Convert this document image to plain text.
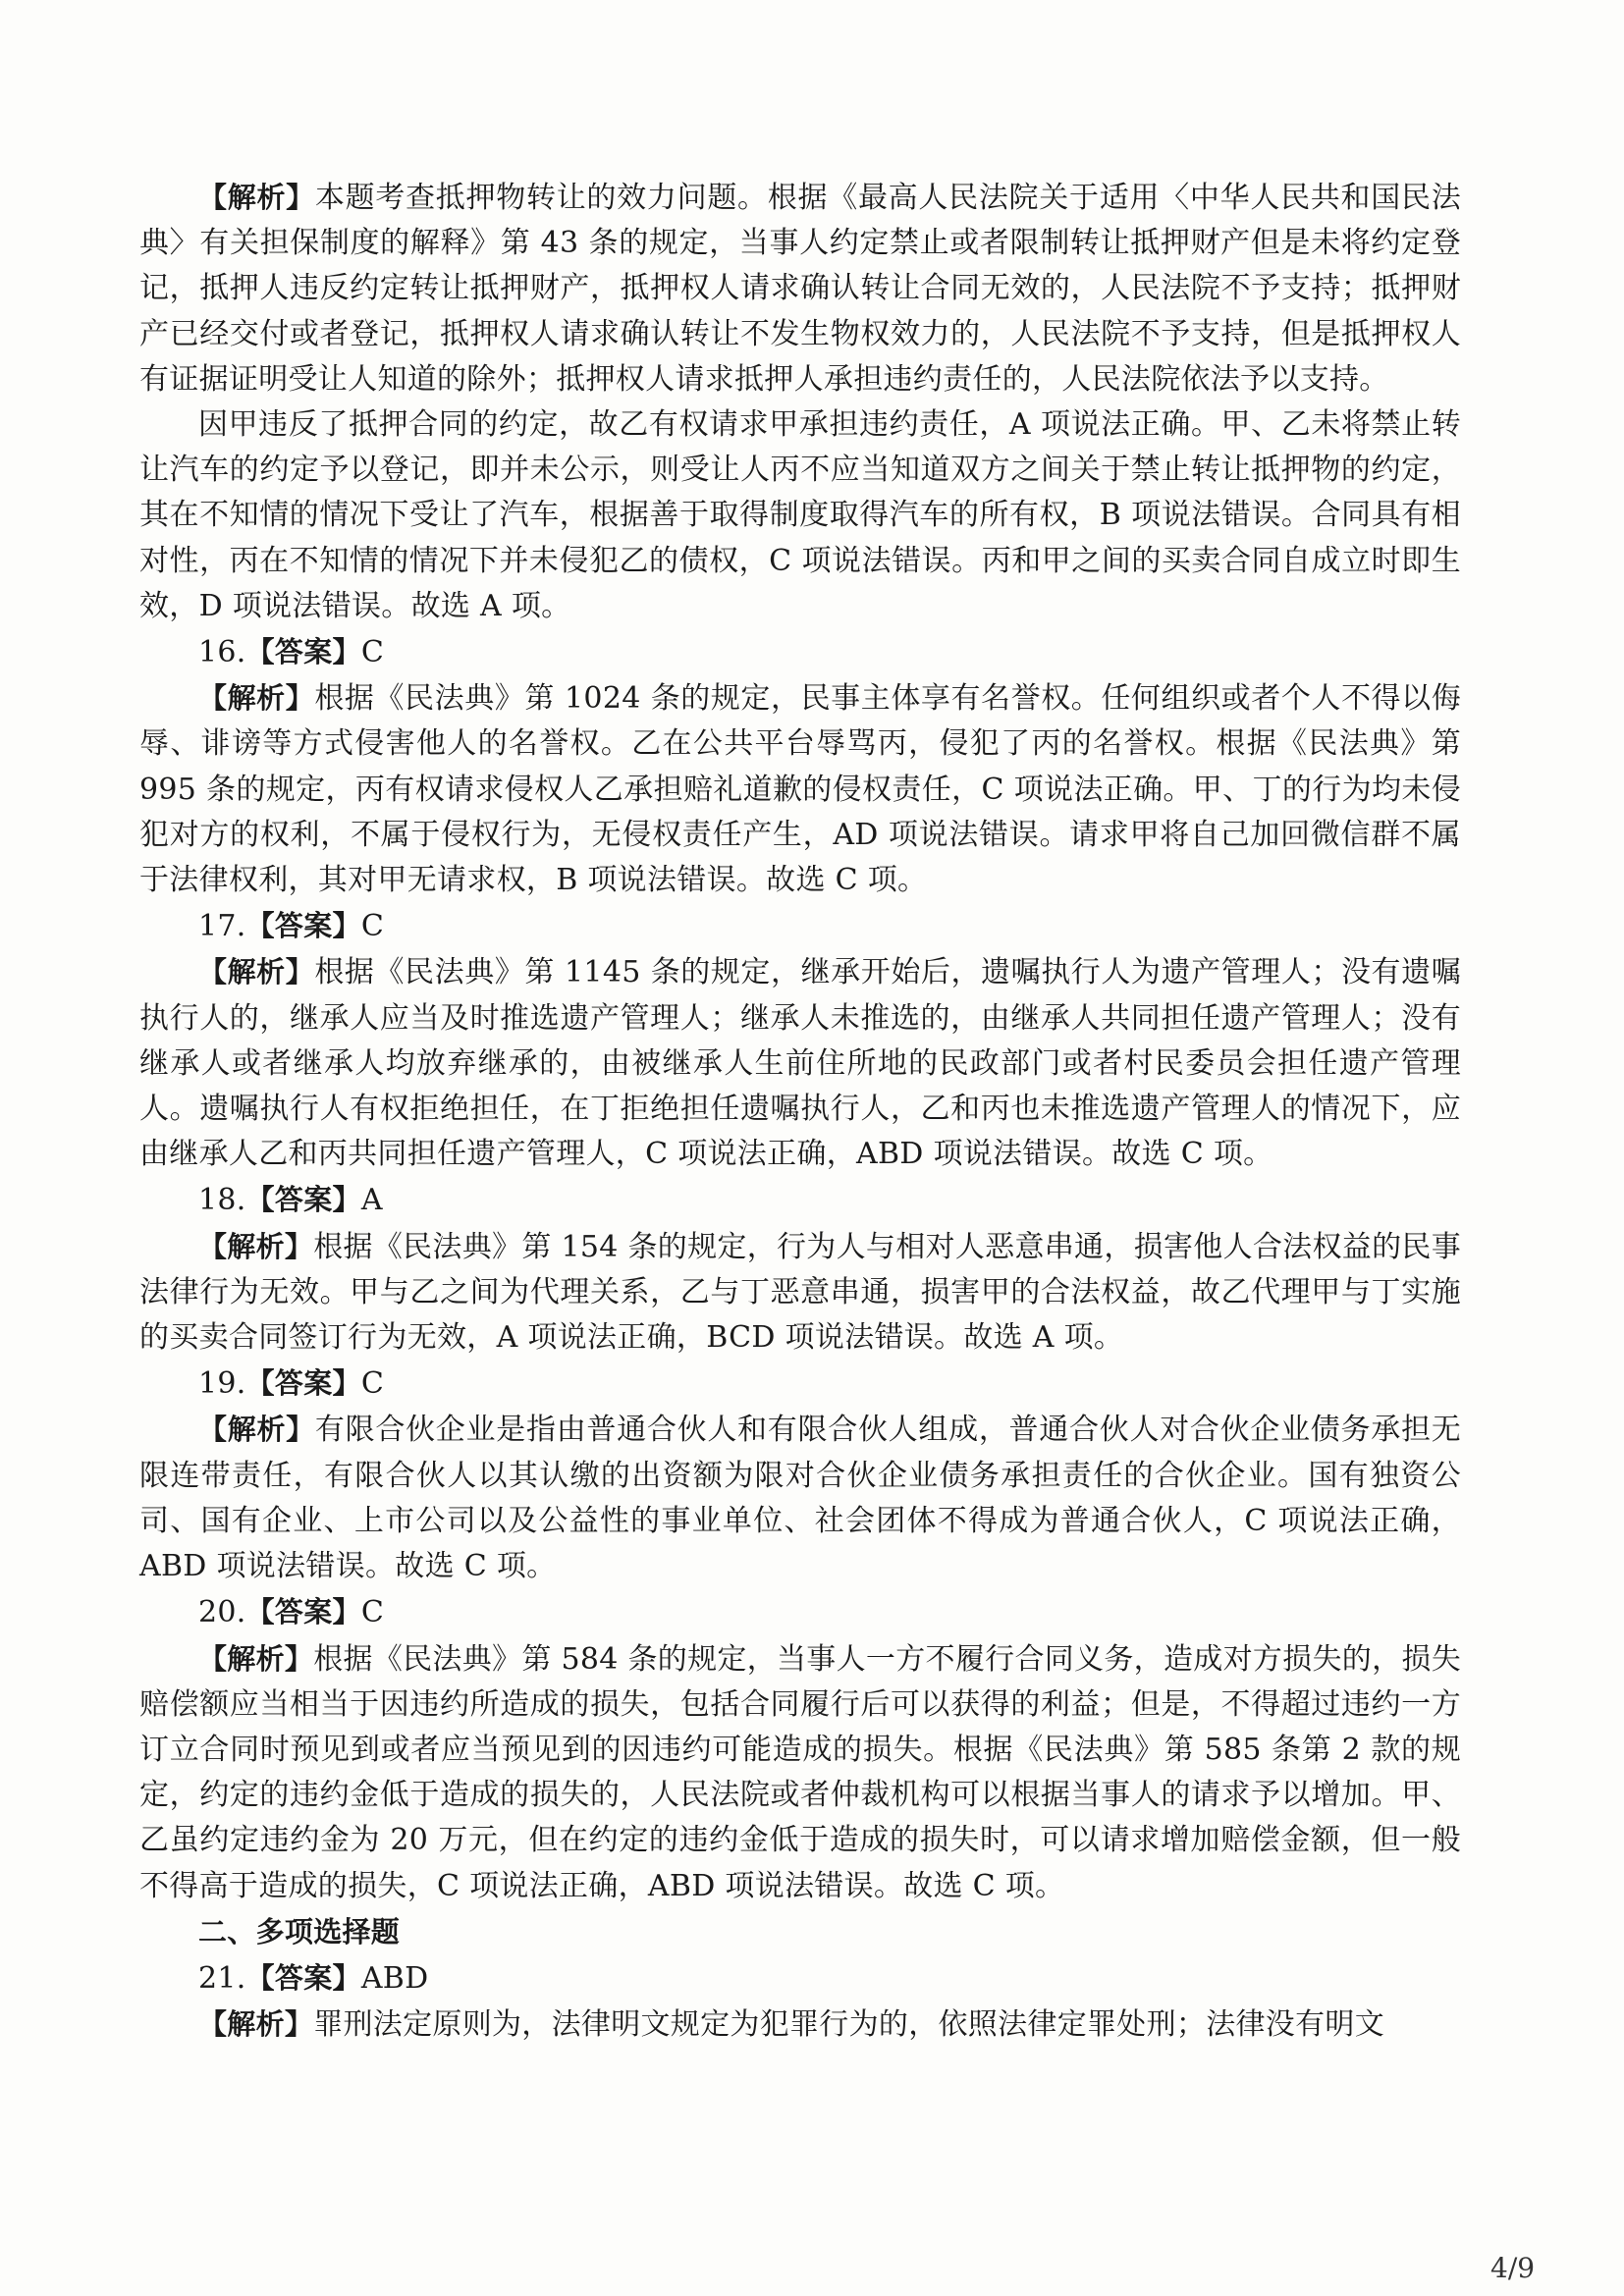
【解析】本题考查抵押物转让的效力问题。根据《最高人民法院关于适用〈中华人民共和国民法典〉有关担保制度的解释》第 43 条的规定，当事人约定禁止或者限制转让抵押财产但是未将约定登记，抵押人违反约定转让抵押财产，抵押权人请求确认转让合同无效的，人民法院不予支持；抵押财产已经交付或者登记，抵押权人请求确认转让不发生物权效力的，人民法院不予支持，但是抵押权人有证据证明受让人知道的除外；抵押权人请求抵押人承担违约责任的，人民法院依法予以支持。

因甲违反了抵押合同的约定，故乙有权请求甲承担违约责任，A 项说法正确。甲、乙未将禁止转让汽车的约定予以登记，即并未公示，则受让人丙不应当知道双方之间关于禁止转让抵押物的约定，其在不知情的情况下受让了汽车，根据善于取得制度取得汽车的所有权，B 项说法错误。合同具有相对性，丙在不知情的情况下并未侵犯乙的债权，C 项说法错误。丙和甲之间的买卖合同自成立时即生效，D 项说法错误。故选 A 项。

16.【答案】C

【解析】根据《民法典》第 1024 条的规定，民事主体享有名誉权。任何组织或者个人不得以侮辱、诽谤等方式侵害他人的名誉权。乙在公共平台辱骂丙，侵犯了丙的名誉权。根据《民法典》第 995 条的规定，丙有权请求侵权人乙承担赔礼道歉的侵权责任，C 项说法正确。甲、丁的行为均未侵犯对方的权利，不属于侵权行为，无侵权责任产生，AD 项说法错误。请求甲将自己加回微信群不属于法律权利，其对甲无请求权，B 项说法错误。故选 C 项。

17.【答案】C

【解析】根据《民法典》第 1145 条的规定，继承开始后，遗嘱执行人为遗产管理人；没有遗嘱执行人的，继承人应当及时推选遗产管理人；继承人未推选的，由继承人共同担任遗产管理人；没有继承人或者继承人均放弃继承的，由被继承人生前住所地的民政部门或者村民委员会担任遗产管理人。遗嘱执行人有权拒绝担任，在丁拒绝担任遗嘱执行人，乙和丙也未推选遗产管理人的情况下，应由继承人乙和丙共同担任遗产管理人，C 项说法正确，ABD 项说法错误。故选 C 项。

18.【答案】A

【解析】根据《民法典》第 154 条的规定，行为人与相对人恶意串通，损害他人合法权益的民事法律行为无效。甲与乙之间为代理关系，乙与丁恶意串通，损害甲的合法权益，故乙代理甲与丁实施的买卖合同签订行为无效，A 项说法正确，BCD 项说法错误。故选 A 项。

19.【答案】C

【解析】有限合伙企业是指由普通合伙人和有限合伙人组成，普通合伙人对合伙企业债务承担无限连带责任，有限合伙人以其认缴的出资额为限对合伙企业债务承担责任的合伙企业。国有独资公司、国有企业、上市公司以及公益性的事业单位、社会团体不得成为普通合伙人，C 项说法正确，ABD 项说法错误。故选 C 项。

20.【答案】C

【解析】根据《民法典》第 584 条的规定，当事人一方不履行合同义务，造成对方损失的，损失赔偿额应当相当于因违约所造成的损失，包括合同履行后可以获得的利益；但是，不得超过违约一方订立合同时预见到或者应当预见到的因违约可能造成的损失。根据《民法典》第 585 条第 2 款的规定，约定的违约金低于造成的损失的，人民法院或者仲裁机构可以根据当事人的请求予以增加。甲、乙虽约定违约金为 20 万元，但在约定的违约金低于造成的损失时，可以请求增加赔偿金额，但一般不得高于造成的损失，C 项说法正确，ABD 项说法错误。故选 C 项。

二、多项选择题

21.【答案】ABD

【解析】罪刑法定原则为，法律明文规定为犯罪行为的，依照法律定罪处刑；法律没有明文

4/9
